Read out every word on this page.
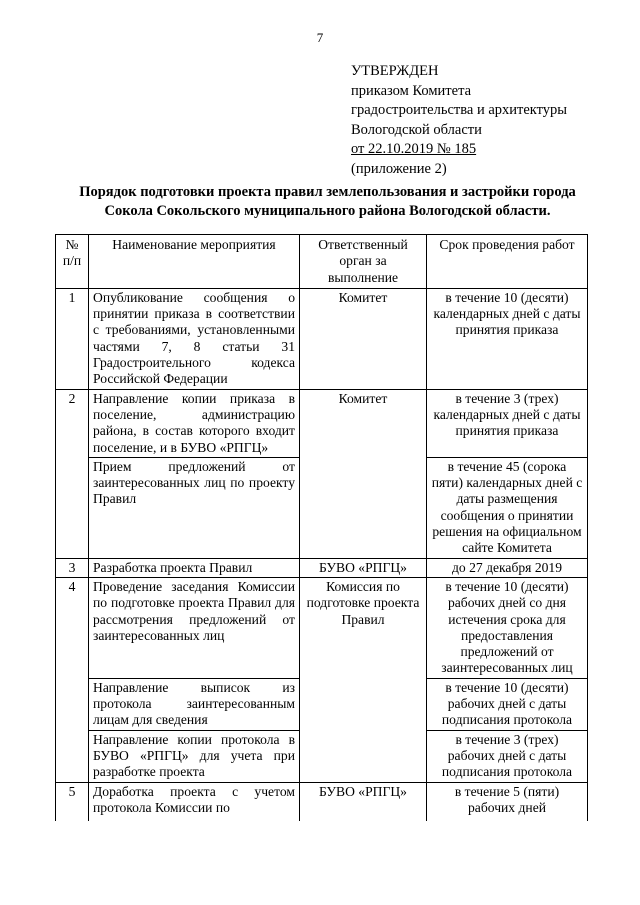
7
УТВЕРЖДЕН
приказом Комитета
градостроительства и архитектуры
Вологодской области
от 22.10.2019 № 185
(приложение 2)
Порядок подготовки проекта правил землепользования и застройки города
Сокола Сокольского муниципального района Вологодской области.
№ п/п	Наименование мероприятия	Ответственный орган за выполнение	Срок проведения работ
1	Опубликование сообщения о принятии приказа в соответствии с требованиями, установленными частями 7, 8 статьи 31 Градостроительного кодекса Российской Федерации	Комитет	в течение 10 (десяти) календарных дней с даты принятия приказа
2	Направление копии приказа в поселение, администрацию района, в состав которого входит поселение, и в БУВО «РПГЦ»	Комитет	в течение 3 (трех) календарных дней с даты принятия приказа
	Прием предложений от заинтересованных лиц по проекту Правил		в течение 45 (сорока пяти) календарных дней с даты размещения сообщения о принятии решения на официальном сайте Комитета
3	Разработка проекта Правил	БУВО «РПГЦ»	до 27 декабря 2019
4	Проведение заседания Комиссии по подготовке проекта Правил для рассмотрения предложений от заинтересованных лиц	Комиссия по подготовке проекта Правил	в течение 10 (десяти) рабочих дней со дня истечения срока для предоставления предложений от заинтересованных лиц
	Направление выписок из протокола заинтересованным лицам для сведения		в течение 10 (десяти) рабочих дней с даты подписания протокола
	Направление копии протокола в БУВО «РПГЦ» для учета при разработке проекта		в течение 3 (трех) рабочих дней с даты подписания протокола
5	Доработка проекта с учетом протокола Комиссии по	БУВО «РПГЦ»	в течение 5 (пяти) рабочих дней
